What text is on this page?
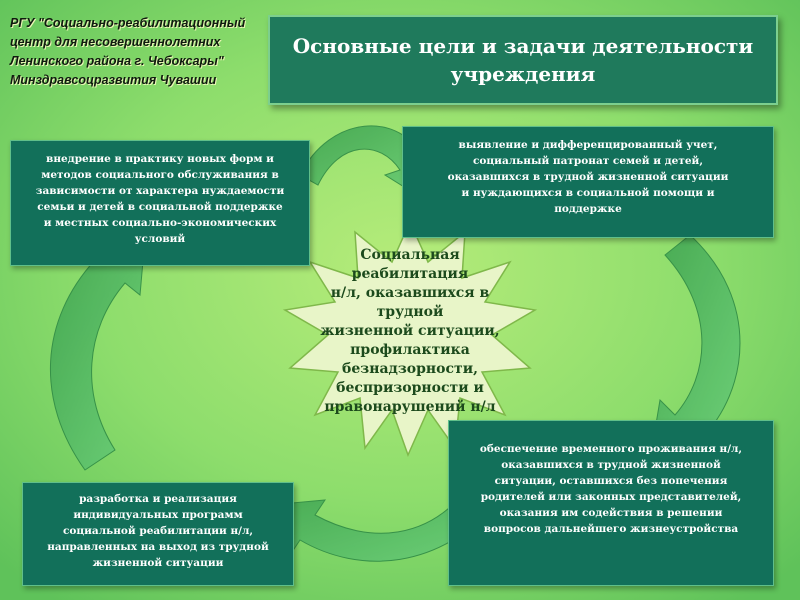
РГУ "Социально-реабилитационный
центр для несовершеннолетних
Ленинского района г. Чебоксары"
Минздравсоцразвития Чувашии
Основные цели и задачи деятельности
учреждения
внедрение в практику новых форм и
методов социального обслуживания в
зависимости от характера нуждаемости
семьи и детей в социальной поддержке
и местных социально-экономических
условий
выявление и дифференцированный учет,
социальный патронат семей и детей,
оказавшихся в трудной жизненной ситуации
и нуждающихся в социальной помощи и
поддержке
Социальная
реабилитация
н/л, оказавшихся в
трудной
жизненной ситуации,
профилактика
безнадзорности,
беспризорности и
правонарушений н/л
обеспечение временного проживания н/л,
оказавшихся в трудной жизненной
ситуации, оставшихся без попечения
родителей или законных представителей,
оказания им содействия в решении
вопросов дальнейшего жизнеустройства
разработка и реализация
индивидуальных программ
социальной реабилитации н/л,
направленных на выход из трудной
жизненной ситуации
